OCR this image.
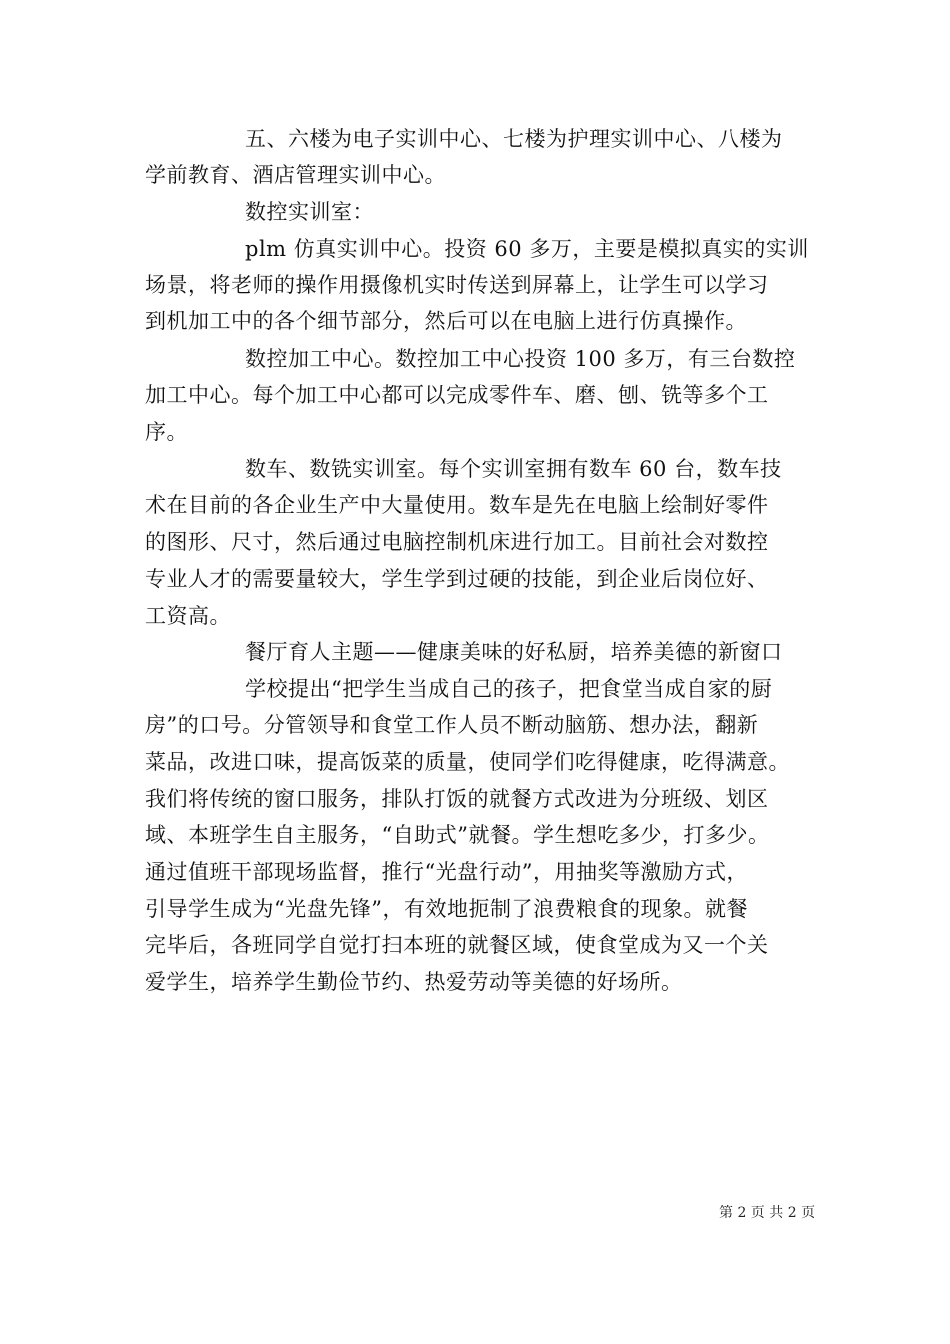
五、六楼为电子实训中心、七楼为护理实训中心、八楼为
学前教育、酒店管理实训中心。
数控实训室：
plm 仿真实训中心。投资 60 多万，主要是模拟真实的实训
场景，将老师的操作用摄像机实时传送到屏幕上，让学生可以学习
到机加工中的各个细节部分，然后可以在电脑上进行仿真操作。
数控加工中心。数控加工中心投资 100 多万，有三台数控
加工中心。每个加工中心都可以完成零件车、磨、刨、铣等多个工
序。
数车、数铣实训室。每个实训室拥有数车 60 台，数车技
术在目前的各企业生产中大量使用。数车是先在电脑上绘制好零件
的图形、尺寸，然后通过电脑控制机床进行加工。目前社会对数控
专业人才的需要量较大，学生学到过硬的技能，到企业后岗位好、
工资高。
餐厅育人主题——健康美味的好私厨，培养美德的新窗口
学校提出“把学生当成自己的孩子，把食堂当成自家的厨
房”的口号。分管领导和食堂工作人员不断动脑筋、想办法，翻新
菜品，改进口味，提高饭菜的质量，使同学们吃得健康，吃得满意。
我们将传统的窗口服务，排队打饭的就餐方式改进为分班级、划区
域、本班学生自主服务，“自助式”就餐。学生想吃多少，打多少。
通过值班干部现场监督，推行“光盘行动”，用抽奖等激励方式，
引导学生成为“光盘先锋”，有效地扼制了浪费粮食的现象。就餐
完毕后，各班同学自觉打扫本班的就餐区域，使食堂成为又一个关
爱学生，培养学生勤俭节约、热爱劳动等美德的好场所。
第 2 页 共 2 页
